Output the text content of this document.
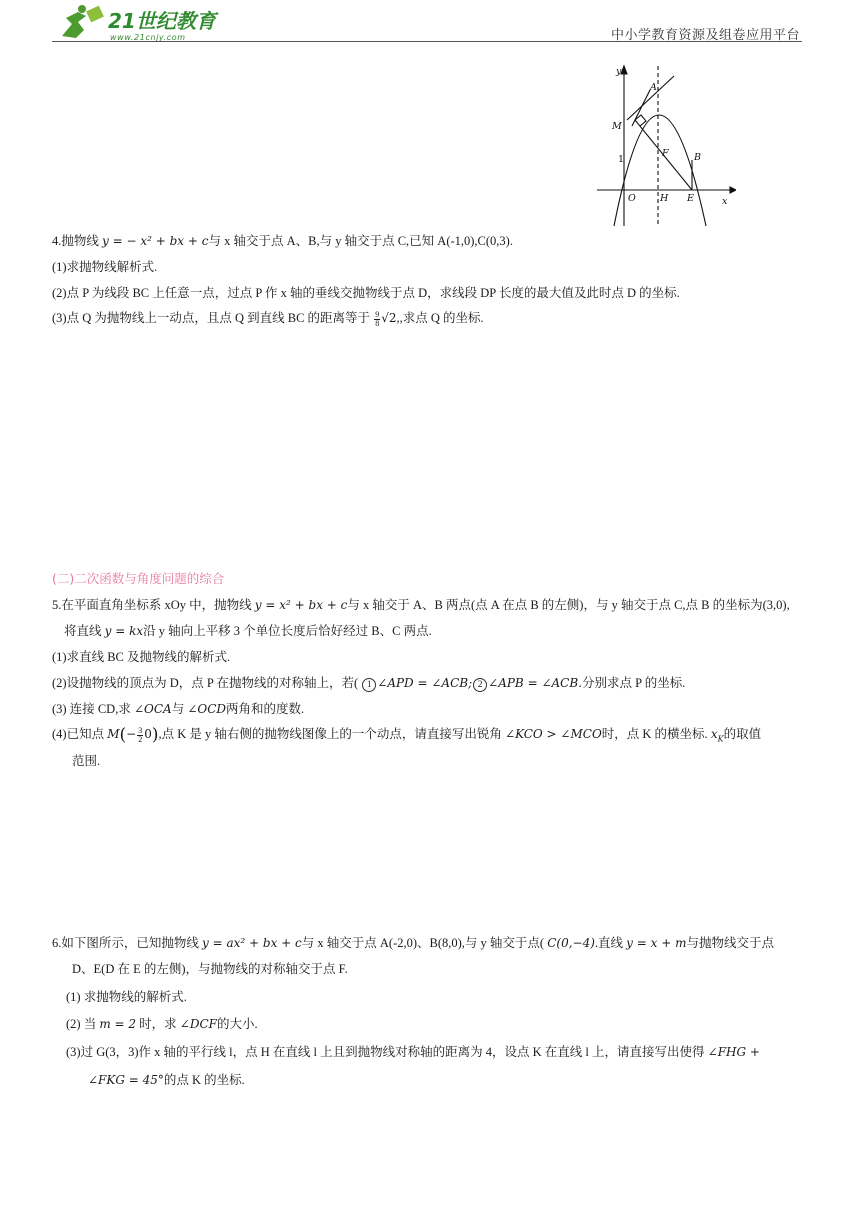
21世纪教育
www.21cnjy.com	中小学教育资源及组卷应用平台
y
A
M
F	B
1
O	H E	x
4.抛物线 y = − x² + bx + c与 x 轴交于点 A、B,与 y 轴交于点 C,已知 A(-1,0),C(0,3).
(1)求抛物线解析式.
(2)点 P 为线段 BC 上任意一点，过点 P 作 x 轴的垂线交抛物线于点 D，求线段 DP 长度的最大值及此时点 D 的坐标.
(3)点 Q 为抛物线上一动点，且点 Q 到直线 BC 的距离等于 $\frac{9}{8} √2$,,求点 Q 的坐标.
(二)二次函数与角度问题的综合
5.在平面直角坐标系 xOy 中，抛物线 y = x² + bx + c与 x 轴交于 A、B 两点(点 A 在点 B 的左侧)，与 y 轴交于点 C,点 B 的坐标为(3,0),
将直线 y = kx沿 y 轴向上平移 3 个单位长度后恰好经过 B、C 两点.
(1)求直线 BC 及抛物线的解析式.
(2)设抛物线的顶点为 D，点 P 在抛物线的对称轴上，若( 1 ∠APD = ∠ACB; 2 ∠APB = ∠ACB.分别求点 P 的坐标.
(3) 连接 CD,求 ∠OCA与 ∠OCD两角和的度数.
(4)已知点 $M(- \frac{3}{2} 0)$,点 K 是 y 轴右侧的抛物线图像上的一个动点，请直接写出锐角 ∠KCO > ∠MCO时，点 K 的横坐标. $x_K$的取值
范围.
6.如下图所示，已知抛物线 y = ax² + bx + c与 x 轴交于点 A(-2,0)、B(8,0),与 y 轴交于点( C(0,−4).直线 y = x + m与抛物线交于点
D、E(D 在 E 的左侧)，与抛物线的对称轴交于点 F.
(1) 求抛物线的解析式.
(2) 当 m = 2 时，求 ∠DCF的大小.
(3)过 G(3，3)作 x 轴的平行线 l，点 H 在直线 l 上且到抛物线对称轴的距离为 4，设点 K 在直线 l 上，请直接写出使得 ∠FHG +
∠FKG = 45°的点 K 的坐标.
